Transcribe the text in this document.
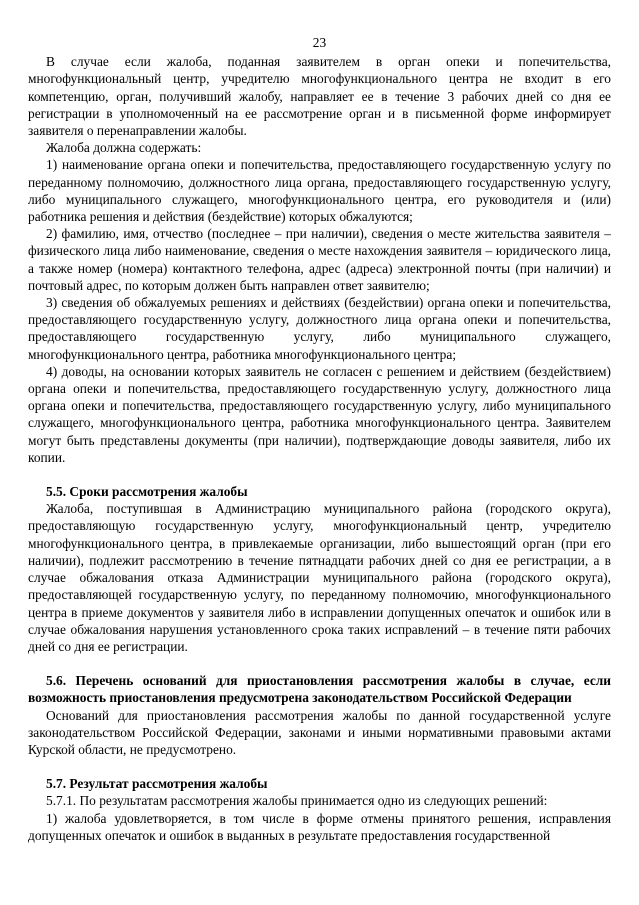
23

В случае если жалоба, поданная заявителем в орган опеки и попечительства, многофункциональный центр, учредителю многофункционального центра не входит в его компетенцию, орган, получивший жалобу, направляет ее в течение 3 рабочих дней со дня ее регистрации в уполномоченный на ее рассмотрение орган и в письменной форме информирует заявителя о перенаправлении жалобы.

Жалоба должна содержать:

1) наименование органа опеки и попечительства, предоставляющего государственную услугу по переданному полномочию, должностного лица органа, предоставляющего государственную услугу, либо муниципального служащего, многофункционального центра, его руководителя и (или) работника решения и действия (бездействие) которых обжалуются;

2) фамилию, имя, отчество (последнее – при наличии), сведения о месте жительства заявителя – физического лица либо наименование, сведения о месте нахождения заявителя – юридического лица, а также номер (номера) контактного телефона, адрес (адреса) электронной почты (при наличии) и почтовый адрес, по которым должен быть направлен ответ заявителю;

3) сведения об обжалуемых решениях и действиях (бездействии) органа опеки и попечительства, предоставляющего государственную услугу, должностного лица органа опеки и попечительства, предоставляющего государственную услугу, либо муниципального служащего, многофункционального центра, работника многофункционального центра;

4) доводы, на основании которых заявитель не согласен с решением и действием (бездействием) органа опеки и попечительства, предоставляющего государственную услугу, должностного лица органа опеки и попечительства, предоставляющего государственную услугу, либо муниципального служащего, многофункционального центра, работника многофункционального центра. Заявителем могут быть представлены документы (при наличии), подтверждающие доводы заявителя, либо их копии.

5.5. Сроки рассмотрения жалобы

Жалоба, поступившая в Администрацию муниципального района (городского округа), предоставляющую государственную услугу, многофункциональный центр, учредителю многофункционального центра, в привлекаемые организации, либо вышестоящий орган (при его наличии), подлежит рассмотрению в течение пятнадцати рабочих дней со дня ее регистрации, а в случае обжалования отказа Администрации муниципального района (городского округа), предоставляющей государственную услугу, по переданному полномочию, многофункционального центра в приеме документов у заявителя либо в исправлении допущенных опечаток и ошибок или в случае обжалования нарушения установленного срока таких исправлений – в течение пяти рабочих дней со дня ее регистрации.

5.6. Перечень оснований для приостановления рассмотрения жалобы в случае, если возможность приостановления предусмотрена законодательством Российской Федерации

Оснований для приостановления рассмотрения жалобы по данной государственной услуге законодательством Российской Федерации, законами и иными нормативными правовыми актами Курской области, не предусмотрено.

5.7. Результат рассмотрения жалобы

5.7.1. По результатам рассмотрения жалобы принимается одно из следующих решений:

1) жалоба удовлетворяется, в том числе в форме отмены принятого решения, исправления допущенных опечаток и ошибок в выданных в результате предоставления государственной
